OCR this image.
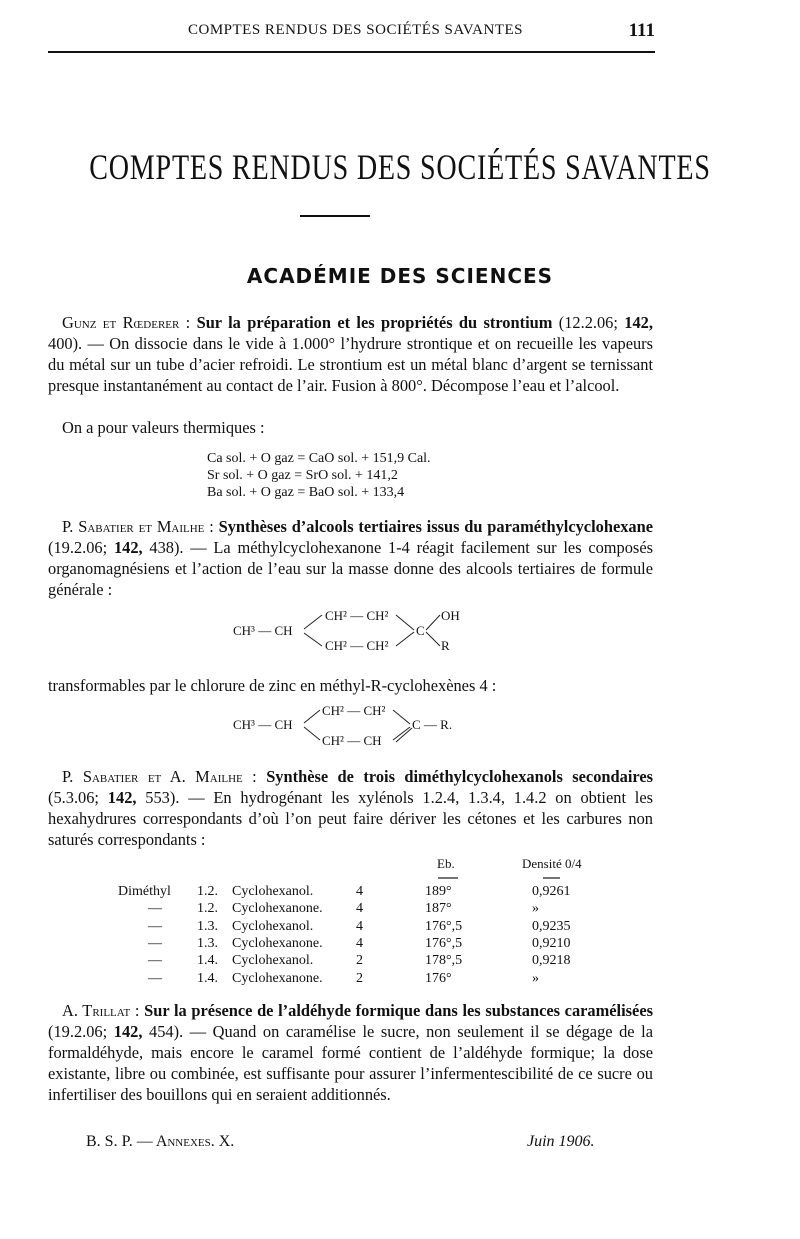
COMPTES RENDUS DES SOCIÉTÉS SAVANTES	111
COMPTES RENDUS DES SOCIÉTÉS SAVANTES
ACADÉMIE DES SCIENCES
Gunz et Rœderer : Sur la préparation et les propriétés du strontium (12.2.06; 142, 400). — On dissocie dans le vide à 1.000° l’hydrure strontique et on recueille les vapeurs du métal sur un tube d’acier refroidi. Le strontium est un métal blanc d’argent se ternissant presque instantanément au contact de l’air. Fusion à 800°. Décompose l’eau et l’alcool.
On a pour valeurs thermiques :
Ca sol. + O gaz = CaO sol. + 151,9 Cal.
Sr sol. + O gaz = SrO sol. + 141,2
Ba sol. + O gaz = BaO sol. + 133,4
P. Sabatier et Mailhe : Synthèses d’alcools tertiaires issus du paraméthylcyclohexane (19.2.06; 142, 438). — La méthylcyclohexanone 1-4 réagit facilement sur les composés organomagnésiens et l’action de l’eau sur la masse donne des alcools tertiaires de formule générale :
CH³ — CH
CH² — CH²
CH² — CH²
C
OH
R
transformables par le chlorure de zinc en méthyl-R-cyclohexènes 4 :
CH³ — CH
CH² — CH²
CH² — CH
C — R.
P. Sabatier et A. Mailhe : Synthèse de trois diméthylcyclohexanols secondaires (5.3.06; 142, 553). — En hydrogénant les xylénols 1.2.4, 1.3.4, 1.4.2 on obtient les hexahydrures correspondants d’où l’on peut faire dériver les cétones et les carbures non saturés correspondants :
Eb.	Densité 0/4
Diméthyl 1.2. Cyclohexanol.	4	189°	0,9261
—	1.2. Cyclohexanone. 4	187°	»
—	1.3. Cyclohexanol.	4	176°,5	0,9235
—	1.3. Cyclohexanone. 4	176°,5	0,9210
—	1.4. Cyclohexanol.	2	178°,5	0,9218
—	1.4. Cyclohexanone. 2	176°	»
A. Trillat : Sur la présence de l’aldéhyde formique dans les substances caramélisées (19.2.06; 142, 454). — Quand on caramélise le sucre, non seulement il se dégage de la formaldéhyde, mais encore le caramel formé contient de l’aldéhyde formique; la dose existante, libre ou combinée, est suffisante pour assurer l’infermentescibilité de ce sucre ou infertiliser des bouillons qui en seraient additionnés.
B. S. P. — Annexes. X.	Juin 1906.
